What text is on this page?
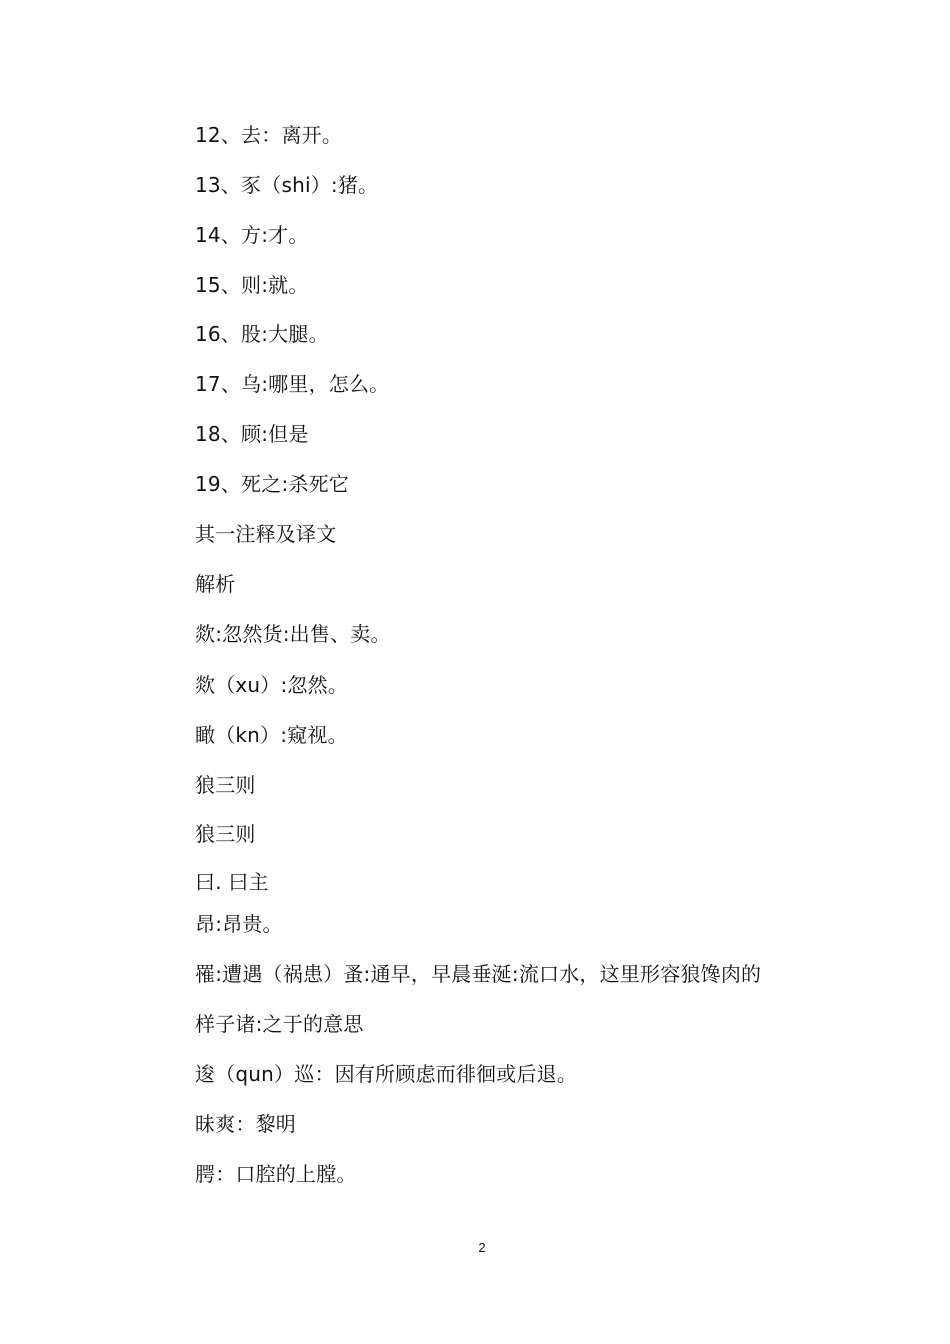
12、去：离开。
13、豕（shi）:猪。
14、方:才。
15、则:就。
16、股:大腿。
17、乌:哪里，怎么。
18、顾:但是
19、死之:杀死它
其一注释及译文
解析
欻:忽然货:出售、卖。
欻（xu）:忽然。
瞰（kn）:窥视。
狼三则
狼三则
曰. 曰主
昂:昂贵。
罹:遭遇（祸患）蚤:通早，早晨垂涎:流口水，这里形容狼馋肉的
样子诸:之于的意思
逡（qun）巡：因有所顾虑而徘徊或后退。
昧爽：黎明
腭：口腔的上膛。
2
